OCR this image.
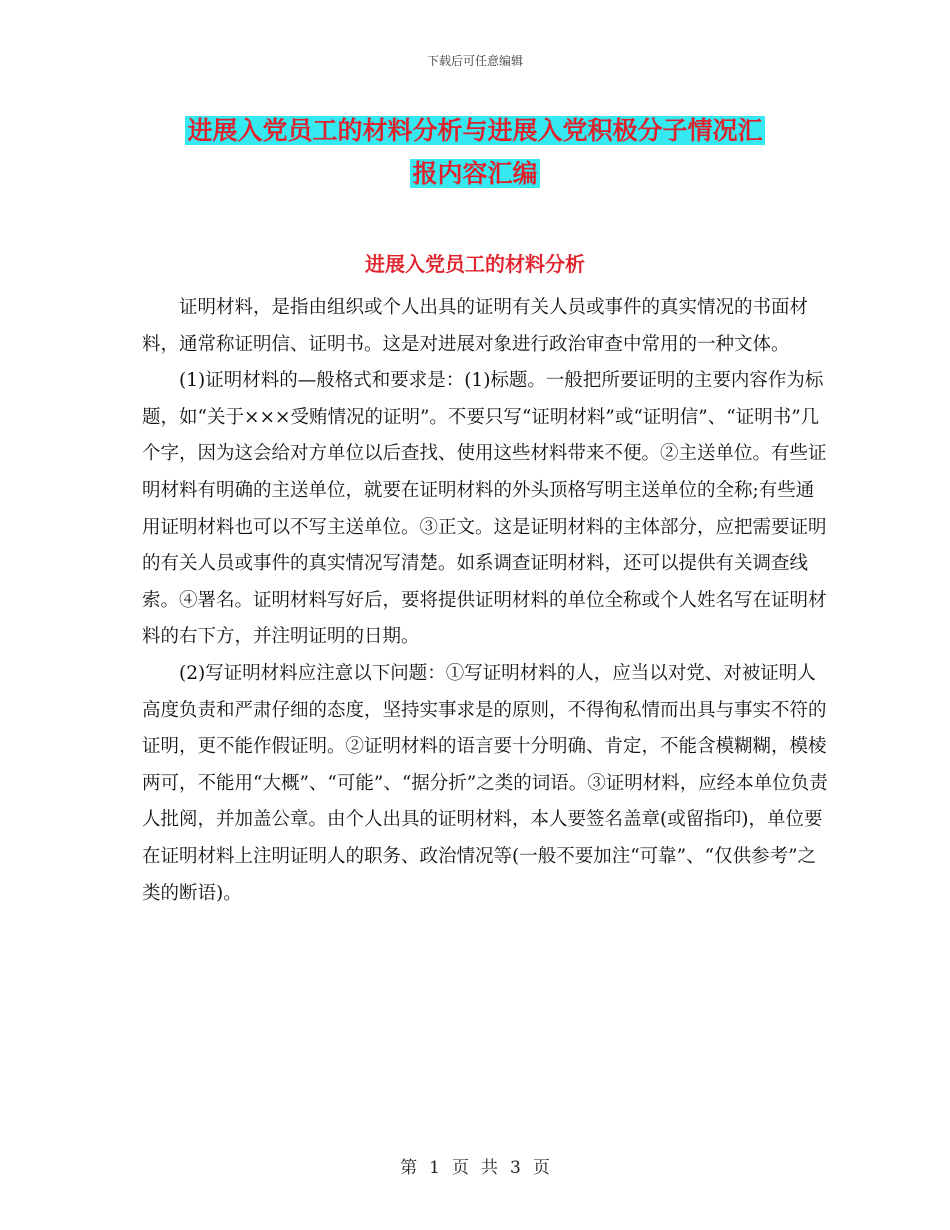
下载后可任意编辑
进展入党员工的材料分析与进展入党积极分子情况汇
报内容汇编
进展入党员工的材料分析

证明材料，是指由组织或个人出具的证明有关人员或事件的真实情况的书面材料，通常称证明信、证明书。这是对进展对象进行政治审查中常用的一种文体。

(1)证明材料的—般格式和要求是：(1)标题。一般把所要证明的主要内容作为标题，如“关于×××受贿情况的证明”。不要只写“证明材料”或“证明信”、“证明书”几个字，因为这会给对方单位以后查找、使用这些材料带来不便。②主送单位。有些证明材料有明确的主送单位，就要在证明材料的外头顶格写明主送单位的全称;有些通用证明材料也可以不写主送单位。③正文。这是证明材料的主体部分，应把需要证明的有关人员或事件的真实情况写清楚。如系调查证明材料，还可以提供有关调查线索。④署名。证明材料写好后，要将提供证明材料的单位全称或个人姓名写在证明材料的右下方，并注明证明的日期。

(2)写证明材料应注意以下问题：①写证明材料的人，应当以对党、对被证明人高度负责和严肃仔细的态度，坚持实事求是的原则，不得徇私情而出具与事实不符的证明，更不能作假证明。②证明材料的语言要十分明确、肯定，不能含模糊糊，模棱两可，不能用“大概”、“可能”、“据分折”之类的词语。③证明材料，应经本单位负责人批阅，并加盖公章。由个人出具的证明材料，本人要签名盖章(或留指印)，单位要在证明材料上注明证明人的职务、政治情况等(一般不要加注“可靠”、“仅供参考”之类的断语)。

第 1 页 共 3 页
